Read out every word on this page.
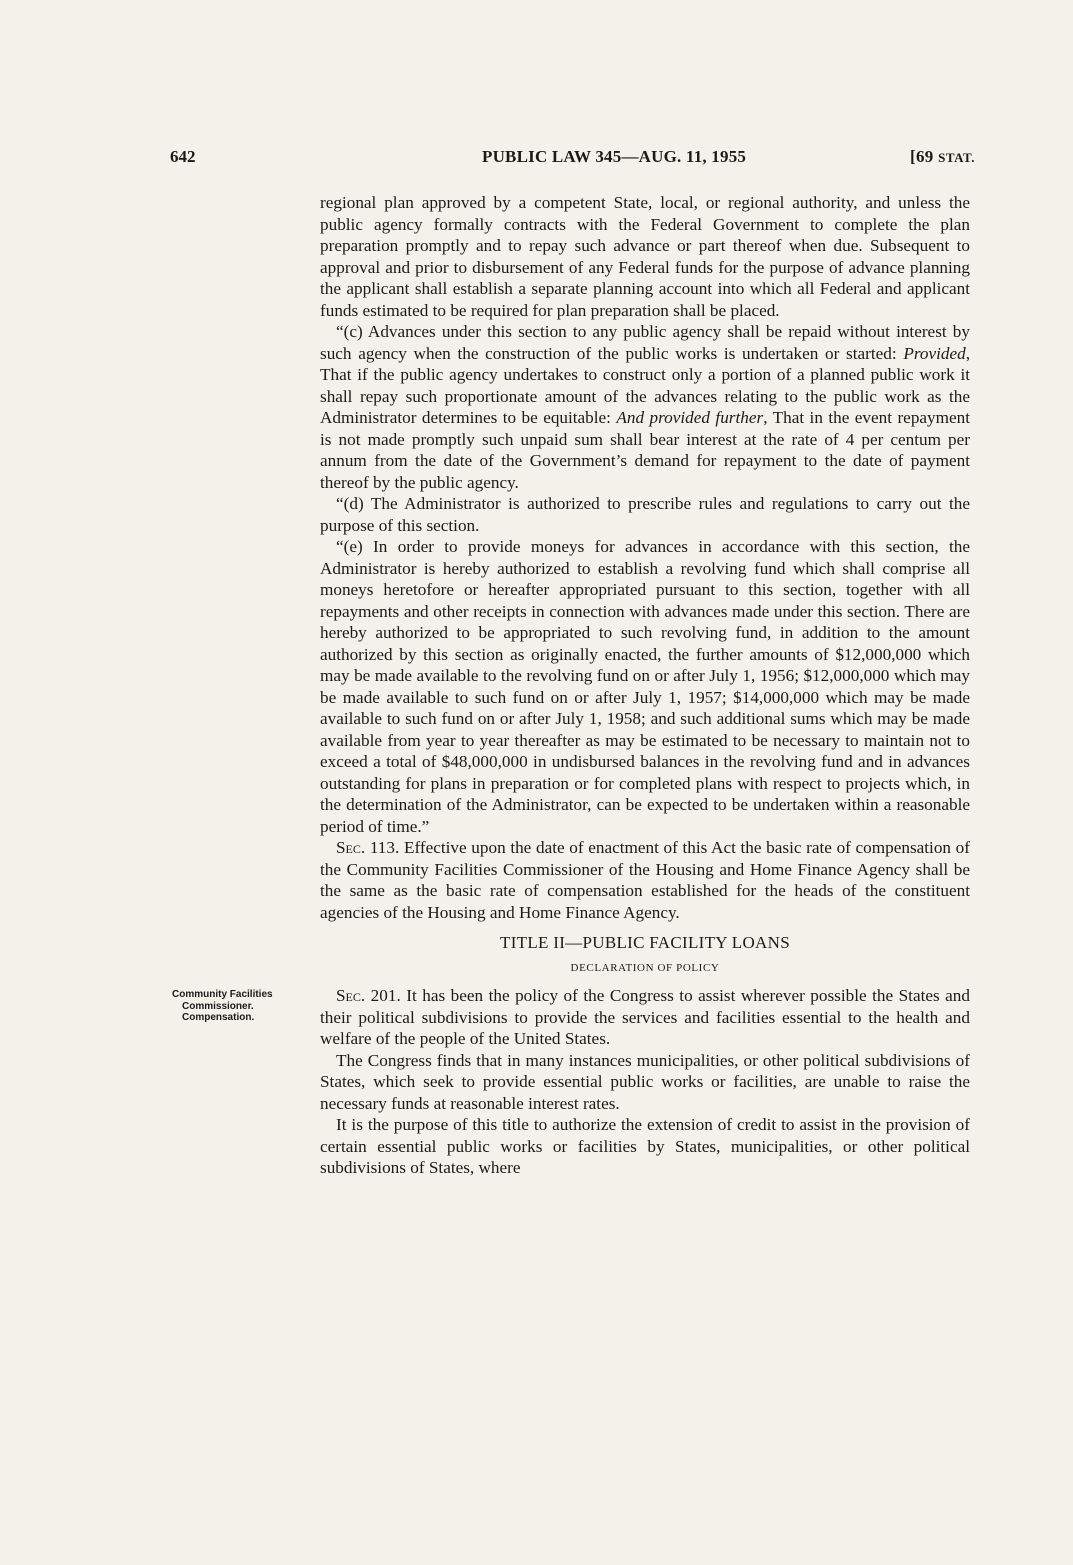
642	PUBLIC LAW 345—AUG. 11, 1955	[69 STAT.
Community Facilities Commissioner.
Compensation.

regional plan approved by a competent State, local, or regional authority, and unless the public agency formally contracts with the Federal Government to complete the plan preparation promptly and to repay such advance or part thereof when due. Subsequent to approval and prior to disbursement of any Federal funds for the purpose of advance planning the applicant shall establish a separate planning account into which all Federal and applicant funds estimated to be required for plan preparation shall be placed.

“(c) Advances under this section to any public agency shall be repaid without interest by such agency when the construction of the public works is undertaken or started: Provided, That if the public agency undertakes to construct only a portion of a planned public work it shall repay such proportionate amount of the advances relating to the public work as the Administrator determines to be equitable: And provided further, That in the event repayment is not made promptly such unpaid sum shall bear interest at the rate of 4 per centum per annum from the date of the Government’s demand for repayment to the date of payment thereof by the public agency.

“(d) The Administrator is authorized to prescribe rules and regulations to carry out the purpose of this section.

“(e) In order to provide moneys for advances in accordance with this section, the Administrator is hereby authorized to establish a revolving fund which shall comprise all moneys heretofore or hereafter appropriated pursuant to this section, together with all repayments and other receipts in connection with advances made under this section. There are hereby authorized to be appropriated to such revolving fund, in addition to the amount authorized by this section as originally enacted, the further amounts of $12,000,000 which may be made available to the revolving fund on or after July 1, 1956; $12,000,000 which may be made available to such fund on or after July 1, 1957; $14,000,000 which may be made available to such fund on or after July 1, 1958; and such additional sums which may be made available from year to year thereafter as may be estimated to be necessary to maintain not to exceed a total of $48,000,000 in undisbursed balances in the revolving fund and in advances outstanding for plans in preparation or for completed plans with respect to projects which, in the determination of the Administrator, can be expected to be undertaken within a reasonable period of time.”

Sec. 113. Effective upon the date of enactment of this Act the basic rate of compensation of the Community Facilities Commissioner of the Housing and Home Finance Agency shall be the same as the basic rate of compensation established for the heads of the constituent agencies of the Housing and Home Finance Agency.

TITLE II—PUBLIC FACILITY LOANS

DECLARATION OF POLICY

Sec. 201. It has been the policy of the Congress to assist wherever possible the States and their political subdivisions to provide the services and facilities essential to the health and welfare of the people of the United States.

The Congress finds that in many instances municipalities, or other political subdivisions of States, which seek to provide essential public works or facilities, are unable to raise the necessary funds at reasonable interest rates.

It is the purpose of this title to authorize the extension of credit to assist in the provision of certain essential public works or facilities by States, municipalities, or other political subdivisions of States, where
